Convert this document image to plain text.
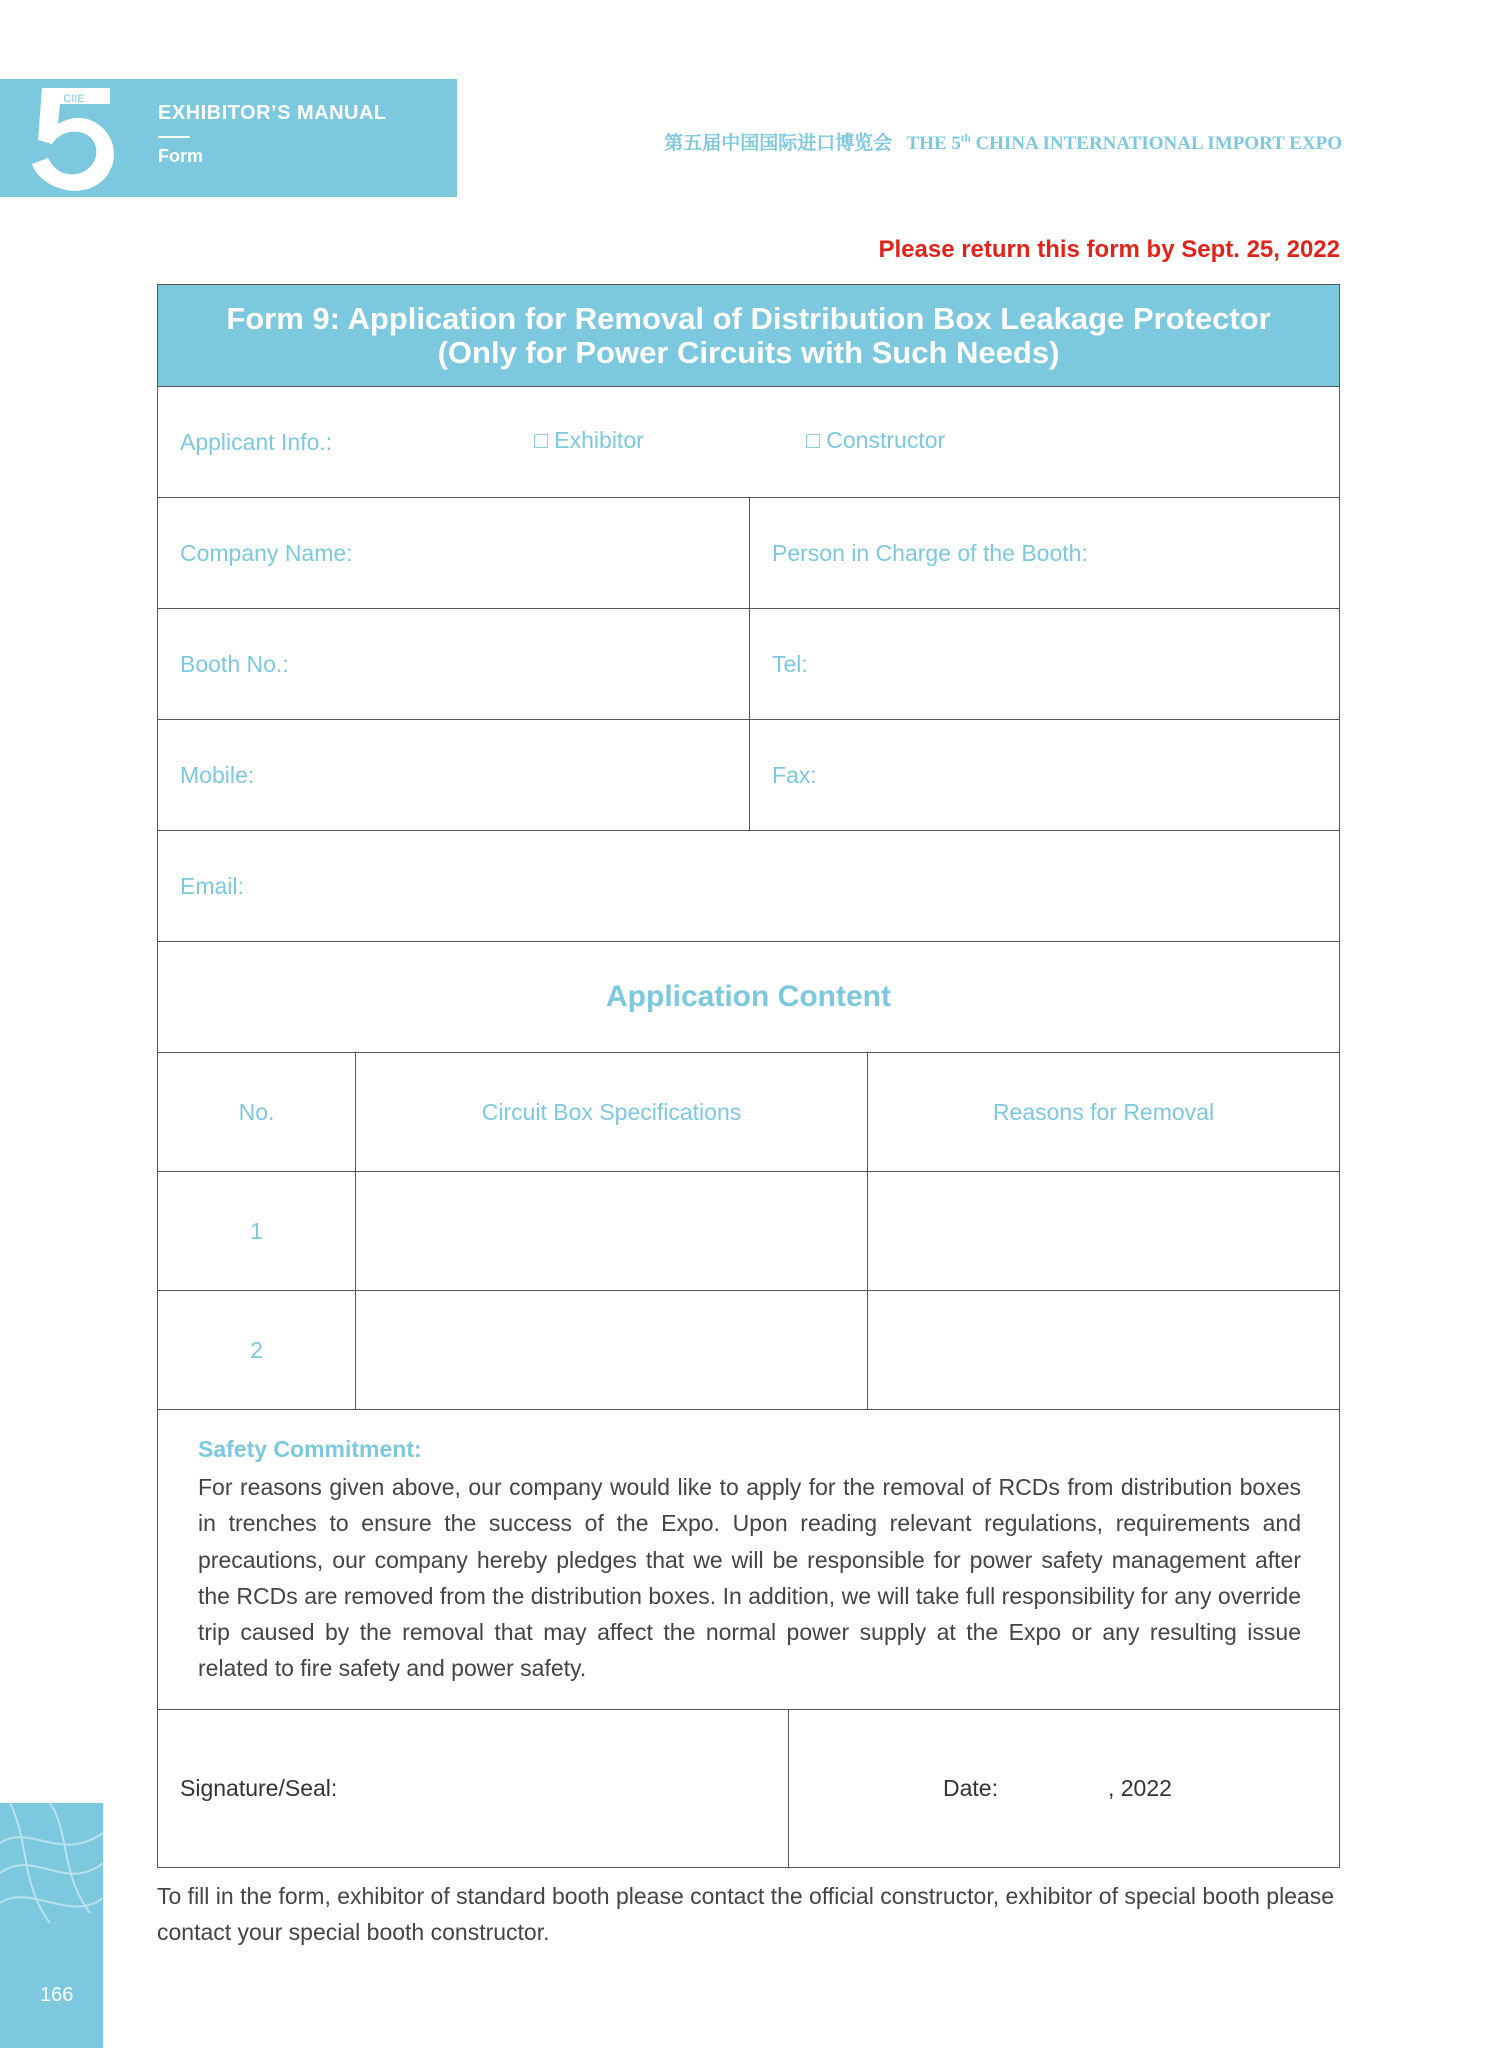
CIIE
EXHIBITOR’S MANUAL
Form
第五届中国国际进口博览会 THE 5th CHINA INTERNATIONAL IMPORT EXPO
Please return this form by Sept. 25, 2022
Form 9: Application for Removal of Distribution Box Leakage Protector
(Only for Power Circuits with Such Needs)
Applicant Info.:	□ Exhibitor	□ Constructor
Company Name:	Person in Charge of the Booth:
Booth No.:	Tel:
Mobile:	Fax:
Email:
Application Content
No.	Circuit Box Specifications	Reasons for Removal
1
2
Safety Commitment:
For reasons given above, our company would like to apply for the removal of RCDs from distribution boxes in trenches to ensure the success of the Expo. Upon reading relevant regulations, requirements and precautions, our company hereby pledges that we will be responsible for power safety management after the RCDs are removed from the distribution boxes. In addition, we will take full responsibility for any override trip caused by the removal that may affect the normal power supply at the Expo or any resulting issue related to fire safety and power safety.
Signature/Seal:	Date:	, 2022
To fill in the form, exhibitor of standard booth please contact the official constructor, exhibitor of special booth please contact your special booth constructor.
166
